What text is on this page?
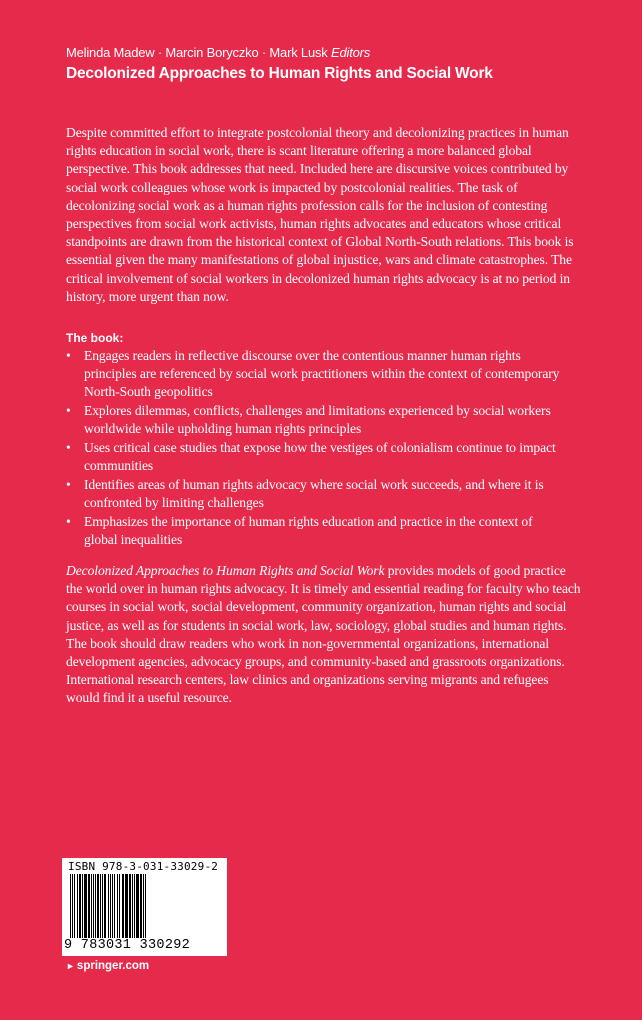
Melinda Madew · Marcin Boryczko · Mark Lusk Editors
Decolonized Approaches to Human Rights and Social Work

Despite committed effort to integrate postcolonial theory and decolonizing practices in human rights education in social work, there is scant literature offering a more balanced global perspective. This book addresses that need. Included here are discursive voices contributed by social work colleagues whose work is impacted by postcolonial realities. The task of decolonizing social work as a human rights profession calls for the inclusion of contesting perspectives from social work activists, human rights advocates and educators whose critical standpoints are drawn from the historical context of Global North-South relations. This book is essential given the many manifestations of global injustice, wars and climate catastrophes. The critical involvement of social workers in decolonized human rights advocacy is at no period in history, more urgent than now.

The book:
• Engages readers in reflective discourse over the contentious manner human rights principles are referenced by social work practitioners within the context of contemporary North-South geopolitics
• Explores dilemmas, conflicts, challenges and limitations experienced by social workers worldwide while upholding human rights principles
• Uses critical case studies that expose how the vestiges of colonialism continue to impact communities
• Identifies areas of human rights advocacy where social work succeeds, and where it is confronted by limiting challenges
• Emphasizes the importance of human rights education and practice in the context of global inequalities

Decolonized Approaches to Human Rights and Social Work provides models of good practice the world over in human rights advocacy. It is timely and essential reading for faculty who teach courses in social work, social development, community organization, human rights and social justice, as well as for students in social work, law, sociology, global studies and human rights. The book should draw readers who work in non-governmental organizations, international development agencies, advocacy groups, and community-based and grassroots organizations. International research centers, law clinics and organizations serving migrants and refugees would find it a useful resource.

ISBN 978-3-031-33029-2
9 783031 330292
► springer.com
